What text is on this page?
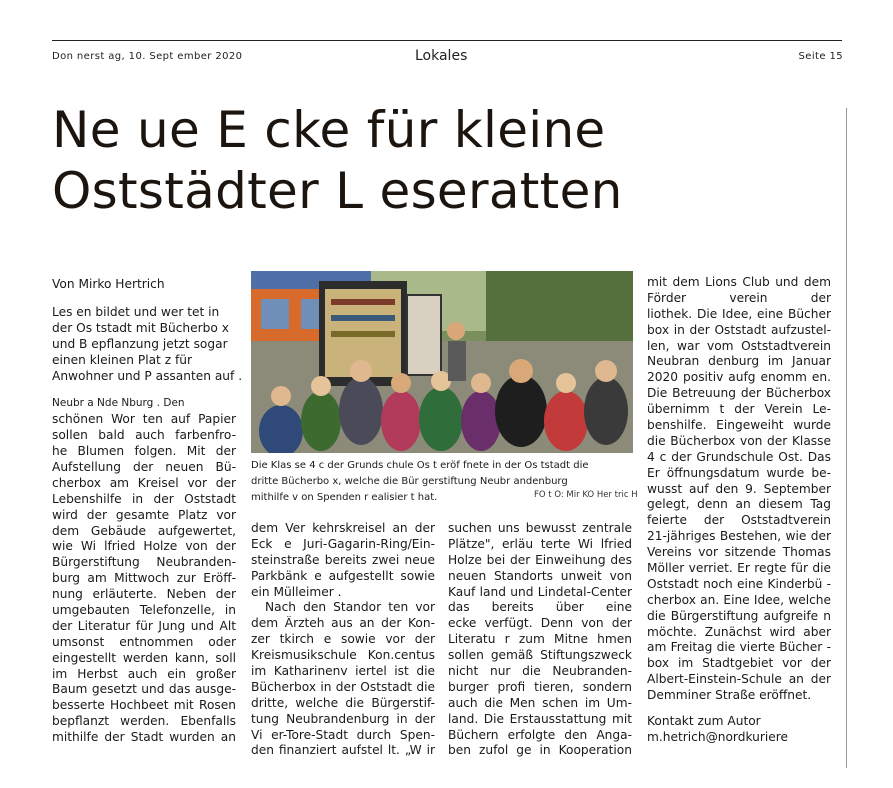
Don nerst ag, 10. Sept ember 2020	Lokales	Seite 15
Ne ue E cke für kleine
Oststädter L eseratten
Von Mirko Hertrich
Les en bildet und wer tet in
der Os tstadt mit Bücherbo x
und B epflanzung jetzt sogar
einen kleinen Plat z für
Anwohner und P assanten auf .
Neubr a Nde Nburg . Den
schönen Wor ten auf Papier
sollen bald auch farbenfro-
he Blumen folgen. Mit der
Aufstellung der neuen Bü-
cherbox am Kreisel vor der
Lebenshilfe in der Oststadt
wird der gesamte Platz vor
dem Gebäude aufgewertet,
wie Wi lfried Holze von der
Bürgerstiftung Neubranden-
burg am Mittwoch zur Eröff-
nung erläuterte. Neben der
umgebauten Telefonzelle, in
der Literatur für Jung und Alt
umsonst entnommen oder
eingestellt werden kann, soll
im Herbst auch ein großer
Baum gesetzt und das ausge-
besserte Hochbeet mit Rosen
bepflanzt werden. Ebenfalls
mithilfe der Stadt wurden an
Die Klas se 4 c der Grunds chule Os t eröf fnete in der Os tstadt die
dritte Bücherbo x, welche die Bür gerstiftung Neubr andenburg
mithilfe v on Spenden r ealisier t hat.	FO t O: Mir KO Her tric H
dem Ver kehrskreisel an der
Eck e Juri-Gagarin-Ring/Ein-
steinstraße bereits zwei neue
Parkbänk e aufgestellt sowie
ein Mülleimer .
Nach den Standor ten vor
dem Ärzteh aus an der Kon-
zer tkirch e sowie vor der
Kreismusikschule Kon.centus
im Katharinenv iertel ist die
Bücherbox in der Oststadt die
dritte, welche die Bürgerstif-
tung Neubrandenburg in der
Vi er-Tore-Stadt durch Spen-
den finanziert aufstel lt. „W ir
suchen uns bewusst zentrale
Plätze", erläu terte Wi lfried
Holze bei der Einweihung des
neuen Standorts unweit von
Kauf land und Lindetal-Center
das bereits über eine
ecke verfügt. Denn von der
Literatu r zum Mitne hmen
sollen gemäß Stiftungszweck
nicht nur die Neubranden-
burger profi tieren, sondern
auch die Men schen im Um-
land. Die Erstausstattung mit
Büchern erfolgte den Anga-
ben zufol ge in Kooperation
mit dem Lions Club und dem
Förder verein der
liothek. Die Idee, eine Bücher
box in der Oststadt aufzustel-
len, war vom Oststadtverein
Neubran denburg im Januar
2020 positiv aufg enomm en.
Die Betreuung der Bücherbox
übernimm t der Verein Le-
benshilfe. Eingeweiht wurde
die Bücherbox von der Klasse
4 c der Grundschule Ost. Das
Er öffnungsdatum wurde be-
wusst auf den 9. September
gelegt, denn an diesem Tag
feierte der Oststadtverein
21-jähriges Bestehen, wie der
Vereins vor sitzende Thomas
Möller verriet. Er regte für die
Oststadt noch eine Kinderbü -
cherbox an. Eine Idee, welche
die Bürgerstiftung aufgreife n
möchte. Zunächst wird aber
am Freitag die vierte Bücher -
box im Stadtgebiet vor der
Albert-Einstein-Schule an der
Demminer Straße eröffnet.
Kontakt zum Autor
m.hetrich@nordkuriere
